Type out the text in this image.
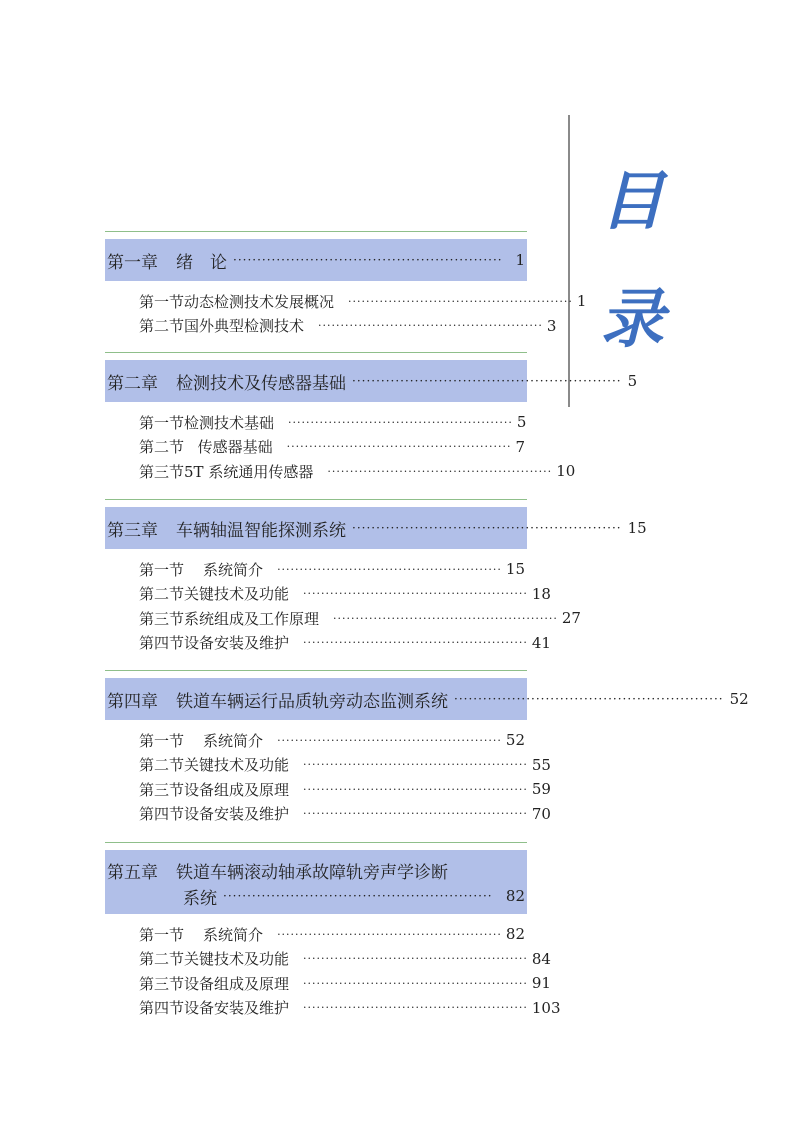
目
录
第一章 绪　论 ························································ 1
第一节 动态检测技术发展概况 ·················································· 1
第二节 国外典型检测技术 ·················································· 3
第二章 检测技术及传感器基础 ························································ 5
第一节 检测技术基础 ·················································· 5
第二节 传感器基础 ·················································· 7
第三节 5T 系统通用传感器 ·················································· 10
第三章 车辆轴温智能探测系统 ························································ 15
第一节	系统简介 ·················································· 15
第二节 关键技术及功能 ·················································· 18
第三节 系统组成及工作原理 ·················································· 27
第四节 设备安装及维护 ·················································· 41
第四章 铁道车辆运行品质轨旁动态监测系统 ························································ 52
第一节	系统简介 ·················································· 52
第二节 关键技术及功能 ·················································· 55
第三节 设备组成及原理 ·················································· 59
第四节 设备安装及维护 ·················································· 70
第五章 铁道车辆滚动轴承故障轨旁声学诊断
系统 ························································ 82
第一节	系统简介 ·················································· 82
第二节 关键技术及功能 ·················································· 84
第三节 设备组成及原理 ·················································· 91
第四节 设备安装及维护 ·················································· 103
